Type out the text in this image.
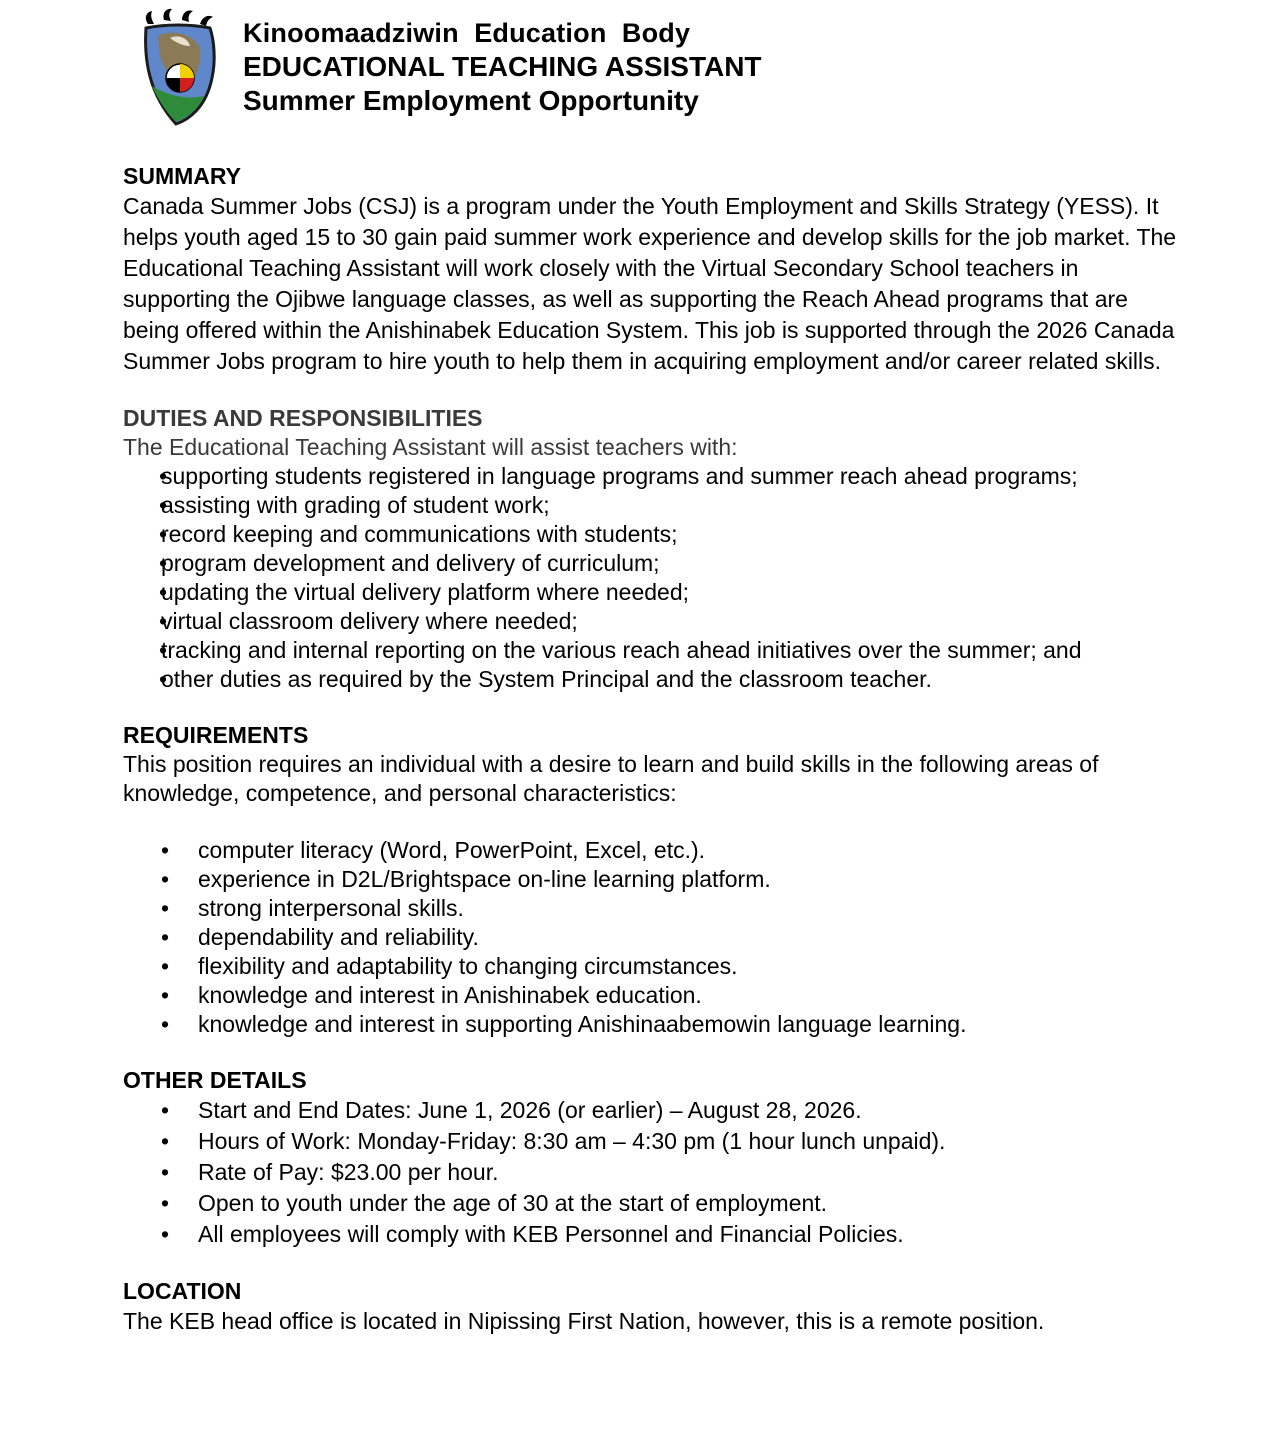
Kinoomaadziwin  Education  Body
EDUCATIONAL TEACHING ASSISTANT
Summer Employment Opportunity
SUMMARY

Canada Summer Jobs (CSJ) is a program under the Youth Employment and Skills Strategy (YESS). It helps youth aged 15 to 30 gain paid summer work experience and develop skills for the job market. The Educational Teaching Assistant will work closely with the Virtual Secondary School teachers in supporting the Ojibwe language classes, as well as supporting the Reach Ahead programs that are being offered within the Anishinabek Education System. This job is supported through the 2026 Canada Summer Jobs program to hire youth to help them in acquiring employment and/or career related skills.

DUTIES AND RESPONSIBILITIES

The Educational Teaching Assistant will assist teachers with:

• supporting students registered in language programs and summer reach ahead programs;
• assisting with grading of student work;
• record keeping and communications with students;
• program development and delivery of curriculum;
• updating the virtual delivery platform where needed;
• virtual classroom delivery where needed;
• tracking and internal reporting on the various reach ahead initiatives over the summer; and
• other duties as required by the System Principal and the classroom teacher.
REQUIREMENTS

This position requires an individual with a desire to learn and build skills in the following areas of knowledge, competence, and personal characteristics:

• computer literacy (Word, PowerPoint, Excel, etc.).
• experience in D2L/Brightspace on-line learning platform.
• strong interpersonal skills.
• dependability and reliability.
• flexibility and adaptability to changing circumstances.
• knowledge and interest in Anishinabek education.
• knowledge and interest in supporting Anishinaabemowin language learning.
OTHER DETAILS
• Start and End Dates: June 1, 2026 (or earlier) – August 28, 2026.
• Hours of Work: Monday-Friday: 8:30 am – 4:30 pm (1 hour lunch unpaid).
• Rate of Pay: $23.00 per hour.
• Open to youth under the age of 30 at the start of employment.
• All employees will comply with KEB Personnel and Financial Policies.
LOCATION

The KEB head office is located in Nipissing First Nation, however, this is a remote position.
